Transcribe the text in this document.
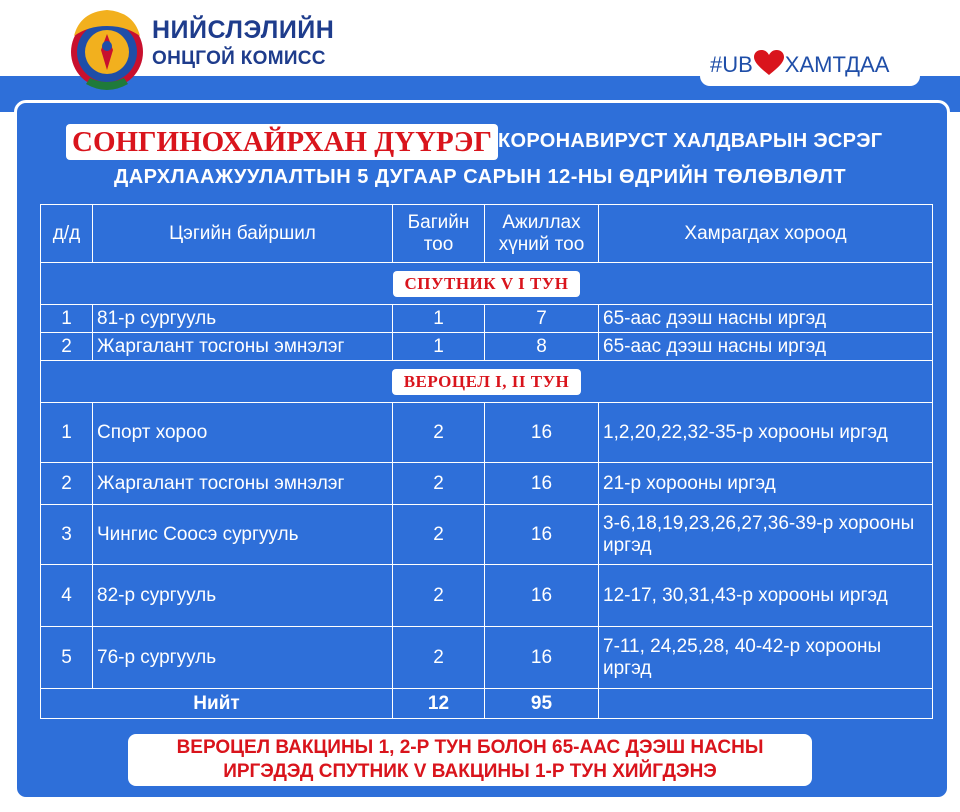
НИЙСЛЭЛИЙН
ОНЦГОЙ КОМИСС	#UB ХАМТДАА
СОНГИНОХАЙРХАН ДҮҮРЭГ КОРОНАВИРУСТ ХАЛДВАРЫН ЭСРЭГ
ДАРХЛААЖУУЛАЛТЫН 5 ДУГААР САРЫН 12-НЫ ӨДРИЙН ТӨЛӨВЛӨЛТ
д/д	Цэгийн байршил	Багийн тоо	Ажиллах хүний тоо	Хамрагдах хороод
СПУТНИК V I ТУН				
1	81-р сургууль	1	7	65-аас дээш насны иргэд
2	Жаргалант тосгоны эмнэлэг	1	8	65-аас дээш насны иргэд
ВЕРОЦЕЛ I, II ТУН				
1	Спорт хороо	2	16	1,2,20,22,32-35-р хорооны иргэд
2	Жаргалант тосгоны эмнэлэг	2	16	21-р хорооны иргэд
3	Чингис Соосэ сургууль	2	16	3-6,18,19,23,26,27,36-39-р хорооны иргэд
4	82-р сургууль	2	16	12-17, 30,31,43-р хорооны иргэд
5	76-р сургууль	2	16	7-11, 24,25,28, 40-42-р хорооны иргэд
Нийт		12	95	
ВЕРОЦЕЛ ВАКЦИНЫ 1, 2-Р ТУН БОЛОН 65-ААС ДЭЭШ НАСНЫ
ИРГЭДЭД СПУТНИК V ВАКЦИНЫ 1-Р ТУН ХИЙГДЭНЭ
